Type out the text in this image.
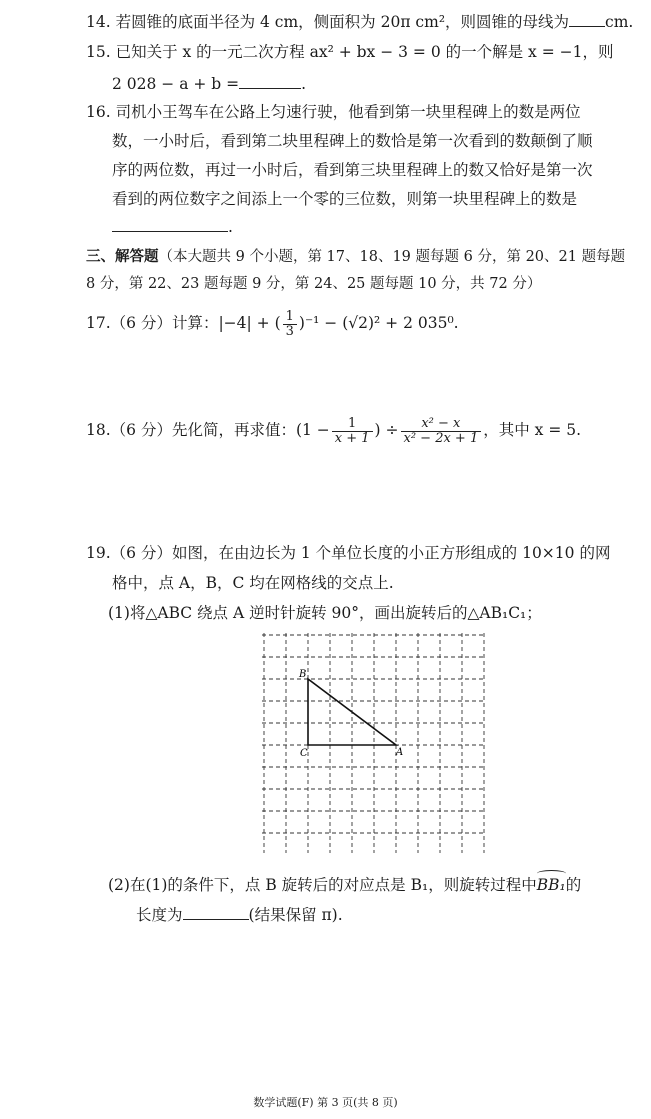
14. 若圆锥的底面半径为 4 cm，侧面积为 20π cm²，则圆锥的母线为 cm.
15. 已知关于 x 的一元二次方程 ax² + bx − 3 = 0 的一个解是 x = −1，则
2 028 − a + b =	.
16. 司机小王驾车在公路上匀速行驶，他看到第一块里程碑上的数是两位
数，一小时后，看到第二块里程碑上的数恰是第一次看到的数颠倒了顺
序的两位数，再过一小时后，看到第三块里程碑上的数又恰好是第一次
看到的两位数字之间添上一个零的三位数，则第一块里程碑上的数是
.
三、解答题（本大题共 9 个小题，第 17、18、19 题每题 6 分，第 20、21 题每题
8 分，第 22、23 题每题 9 分，第 24、25 题每题 10 分，共 72 分）
17.（6 分）计算：|−4| + ( $\frac{1}{3} )^{-1} - (√2)^2 + 2$ 035⁰.
18.（6 分）先化简，再求值：($1 - \frac{1}{x + 1}$ ) ÷ $\frac{\text{x² − x}}{\text{x² − 2x + 1}}$ ，其中 x = 5.
19.（6 分）如图，在由边长为 1 个单位长度的小正方形组成的 10×10 的网
格中，点 A，B，C 均在网格线的交点上.
(1)将△ABC 绕点 A 逆时针旋转 90°，画出旋转后的△AB₁C₁；
B
C	A
(2)在(1)的条件下，点 B 旋转后的对应点是 B₁，则旋转过程中BB₁的
长度为	(结果保留 π).
数学试题(F) 第 3 页(共 8 页)
